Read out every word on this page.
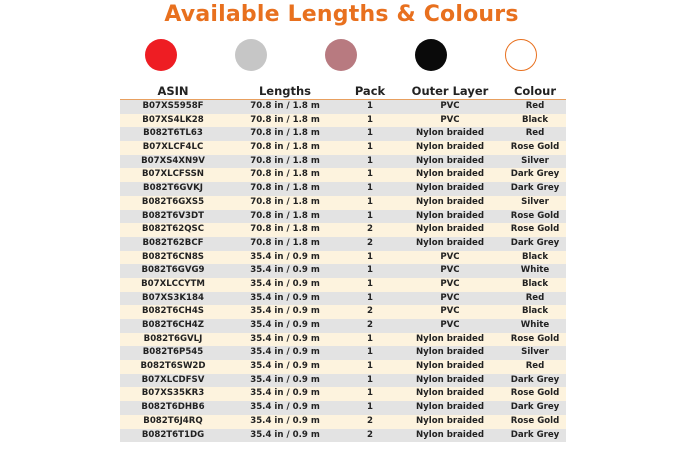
Available Lengths & Colours
ASIN	Lengths	Pack	Outer Layer	Colour
B07XS5958F	70.8 in / 1.8 m	1	PVC	Red
B07XS4LK28	70.8 in / 1.8 m	1	PVC	Black
B082T6TL63	70.8 in / 1.8 m	1	Nylon braided	Red
B07XLCF4LC	70.8 in / 1.8 m	1	Nylon braided	Rose Gold
B07XS4XN9V	70.8 in / 1.8 m	1	Nylon braided	Silver
B07XLCFSSN	70.8 in / 1.8 m	1	Nylon braided	Dark Grey
B082T6GVKJ	70.8 in / 1.8 m	1	Nylon braided	Dark Grey
B082T6GXS5	70.8 in / 1.8 m	1	Nylon braided	Silver
B082T6V3DT	70.8 in / 1.8 m	1	Nylon braided	Rose Gold
B082T62QSC	70.8 in / 1.8 m	2	Nylon braided	Rose Gold
B082T62BCF	70.8 in / 1.8 m	2	Nylon braided	Dark Grey
B082T6CN8S	35.4 in / 0.9 m	1	PVC	Black
B082T6GVG9	35.4 in / 0.9 m	1	PVC	White
B07XLCCYTM	35.4 in / 0.9 m	1	PVC	Black
B07XS3K184	35.4 in / 0.9 m	1	PVC	Red
B082T6CH4S	35.4 in / 0.9 m	2	PVC	Black
B082T6CH4Z	35.4 in / 0.9 m	2	PVC	White
B082T6GVLJ	35.4 in / 0.9 m	1	Nylon braided	Rose Gold
B082T6P545	35.4 in / 0.9 m	1	Nylon braided	Silver
B082T6SW2D	35.4 in / 0.9 m	1	Nylon braided	Red
B07XLCDFSV	35.4 in / 0.9 m	1	Nylon braided	Dark Grey
B07XS35KR3	35.4 in / 0.9 m	1	Nylon braided	Rose Gold
B082T6DHB6	35.4 in / 0.9 m	1	Nylon braided	Dark Grey
B082T6J4RQ	35.4 in / 0.9 m	2	Nylon braided	Rose Gold
B082T6T1DG	35.4 in / 0.9 m	2	Nylon braided	Dark Grey
